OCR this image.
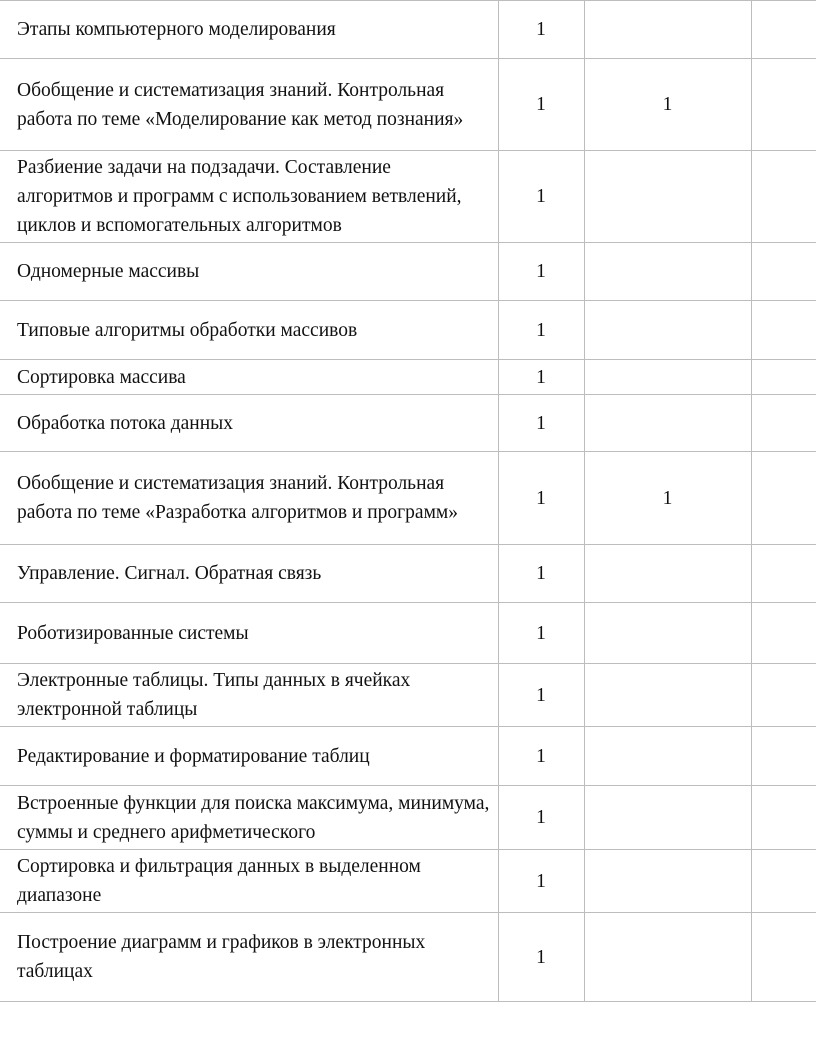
Этапы компьютерного моделирования	1		
Обобщение и систематизация знаний. Контрольная работа по теме «Моделирование как метод познания»	1	1	
Разбиение задачи на подзадачи. Составление алгоритмов и программ с использованием ветвлений, циклов и вспомогательных алгоритмов	1		
Одномерные массивы	1		
Типовые алгоритмы обработки массивов	1		
Сортировка массива	1		
Обработка потока данных	1		
Обобщение и систематизация знаний. Контрольная работа по теме «Разработка алгоритмов и программ»	1	1	
Управление. Сигнал. Обратная связь	1		
Роботизированные системы	1		
Электронные таблицы. Типы данных в ячейках электронной таблицы	1		
Редактирование и форматирование таблиц	1		
Встроенные функции для поиска максимума, минимума, суммы и среднего арифметического	1		
Сортировка и фильтрация данных в выделенном диапазоне	1		
Построение диаграмм и графиков в электронных таблицах	1		
